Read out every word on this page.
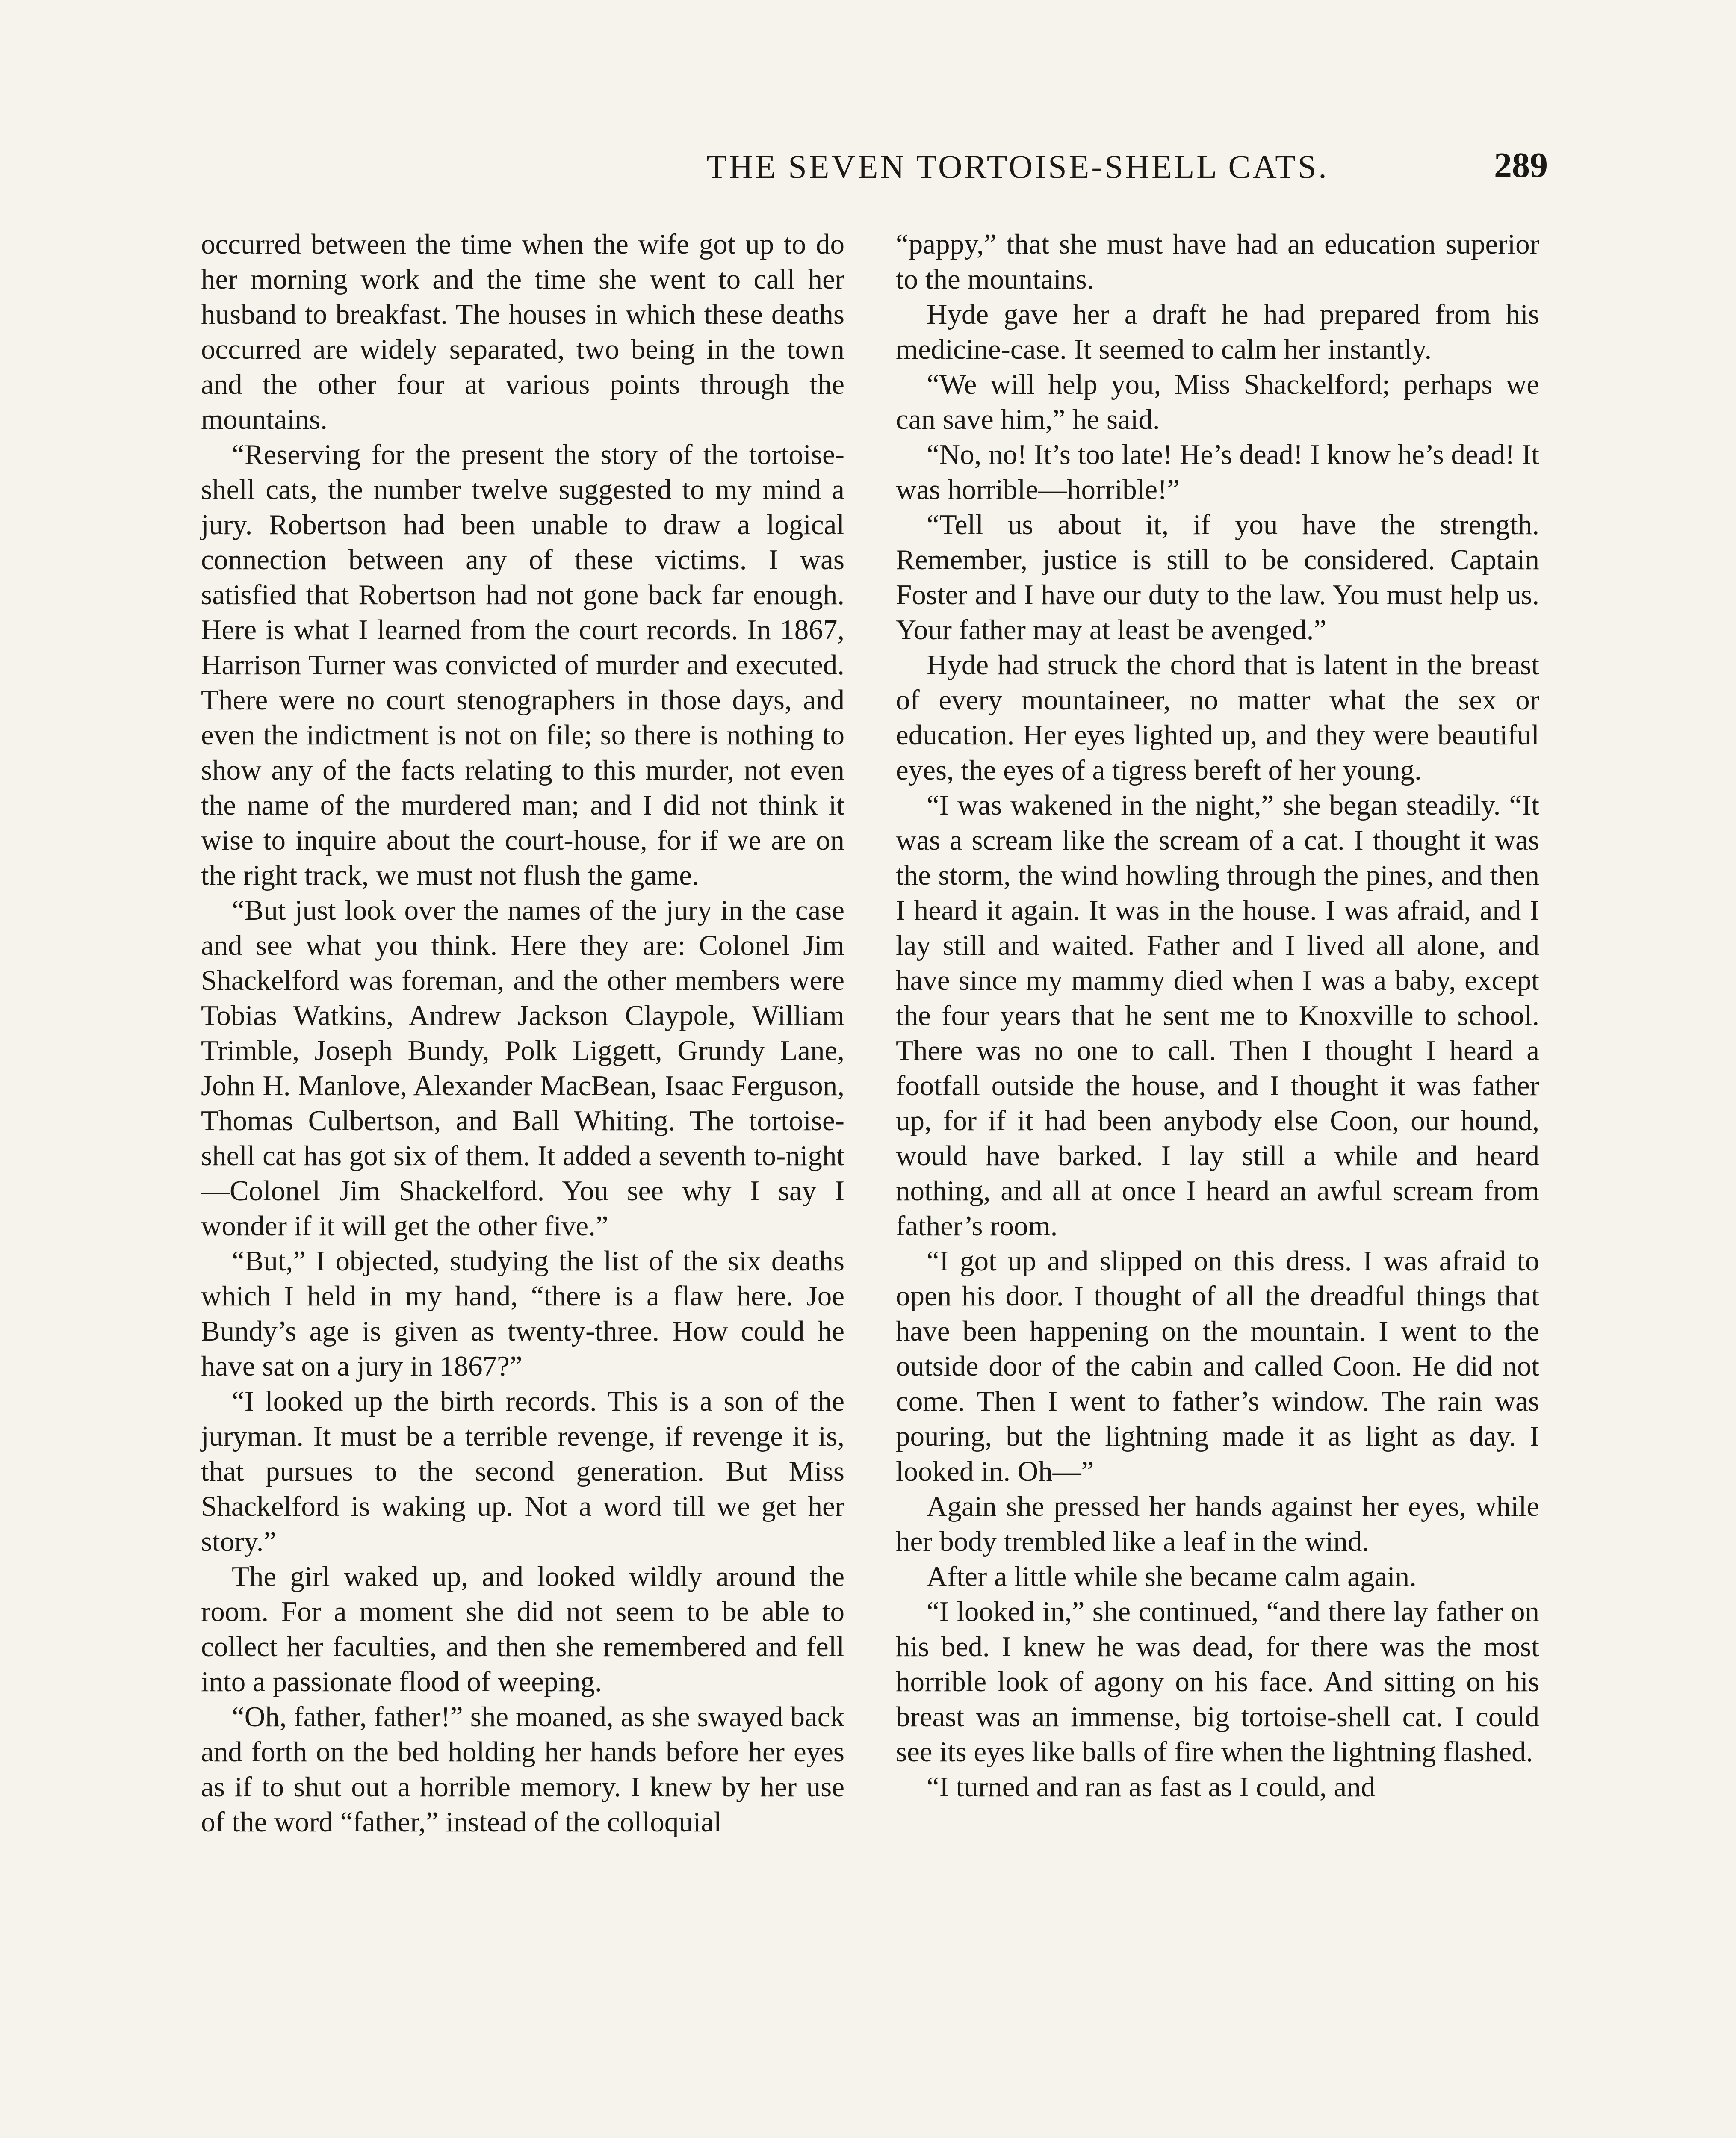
THE SEVEN TORTOISE-SHELL CATS.	289

occurred between the time when the wife got up to do her morning work and the time she went to call her husband to breakfast. The houses in which these deaths occurred are widely separated, two being in the town and the other four at various points through the mountains.

“Reserving for the present the story of the tortoise-shell cats, the number twelve suggested to my mind a jury. Robertson had been unable to draw a logical connection between any of these victims. I was satisfied that Robertson had not gone back far enough. Here is what I learned from the court records. In 1867, Harrison Turner was convicted of murder and executed. There were no court stenographers in those days, and even the indictment is not on file; so there is nothing to show any of the facts relating to this murder, not even the name of the murdered man; and I did not think it wise to inquire about the court-house, for if we are on the right track, we must not flush the game.

“But just look over the names of the jury in the case and see what you think. Here they are: Colonel Jim Shackelford was foreman, and the other members were Tobias Watkins, Andrew Jackson Claypole, William Trimble, Joseph Bundy, Polk Liggett, Grundy Lane, John H. Manlove, Alexander MacBean, Isaac Ferguson, Thomas Culbertson, and Ball Whiting. The tortoise-shell cat has got six of them. It added a seventh to-night—Colonel Jim Shackelford. You see why I say I wonder if it will get the other five.”

“But,” I objected, studying the list of the six deaths which I held in my hand, “there is a flaw here. Joe Bundy’s age is given as twenty-three. How could he have sat on a jury in 1867?”

“I looked up the birth records. This is a son of the juryman. It must be a terrible revenge, if revenge it is, that pursues to the second generation. But Miss Shackelford is waking up. Not a word till we get her story.”

The girl waked up, and looked wildly around the room. For a moment she did not seem to be able to collect her faculties, and then she remembered and fell into a passionate flood of weeping.

“Oh, father, father!” she moaned, as she swayed back and forth on the bed holding her hands before her eyes as if to shut out a horrible memory. I knew by her use of the word “father,” instead of the colloquial

“pappy,” that she must have had an education superior to the mountains.

Hyde gave her a draft he had prepared from his medicine-case. It seemed to calm her instantly.

“We will help you, Miss Shackelford; perhaps we can save him,” he said.

“No, no! It’s too late! He’s dead! I know he’s dead! It was horrible—horrible!”

“Tell us about it, if you have the strength. Remember, justice is still to be considered. Captain Foster and I have our duty to the law. You must help us. Your father may at least be avenged.”

Hyde had struck the chord that is latent in the breast of every mountaineer, no matter what the sex or education. Her eyes lighted up, and they were beautiful eyes, the eyes of a tigress bereft of her young.

“I was wakened in the night,” she began steadily. “It was a scream like the scream of a cat. I thought it was the storm, the wind howling through the pines, and then I heard it again. It was in the house. I was afraid, and I lay still and waited. Father and I lived all alone, and have since my mammy died when I was a baby, except the four years that he sent me to Knoxville to school. There was no one to call. Then I thought I heard a footfall outside the house, and I thought it was father up, for if it had been anybody else Coon, our hound, would have barked. I lay still a while and heard nothing, and all at once I heard an awful scream from father’s room.

“I got up and slipped on this dress. I was afraid to open his door. I thought of all the dreadful things that have been happening on the mountain. I went to the outside door of the cabin and called Coon. He did not come. Then I went to father’s window. The rain was pouring, but the lightning made it as light as day. I looked in. Oh—”

Again she pressed her hands against her eyes, while her body trembled like a leaf in the wind.

After a little while she became calm again.

“I looked in,” she continued, “and there lay father on his bed. I knew he was dead, for there was the most horrible look of agony on his face. And sitting on his breast was an immense, big tortoise-shell cat. I could see its eyes like balls of fire when the lightning flashed.

“I turned and ran as fast as I could, and
